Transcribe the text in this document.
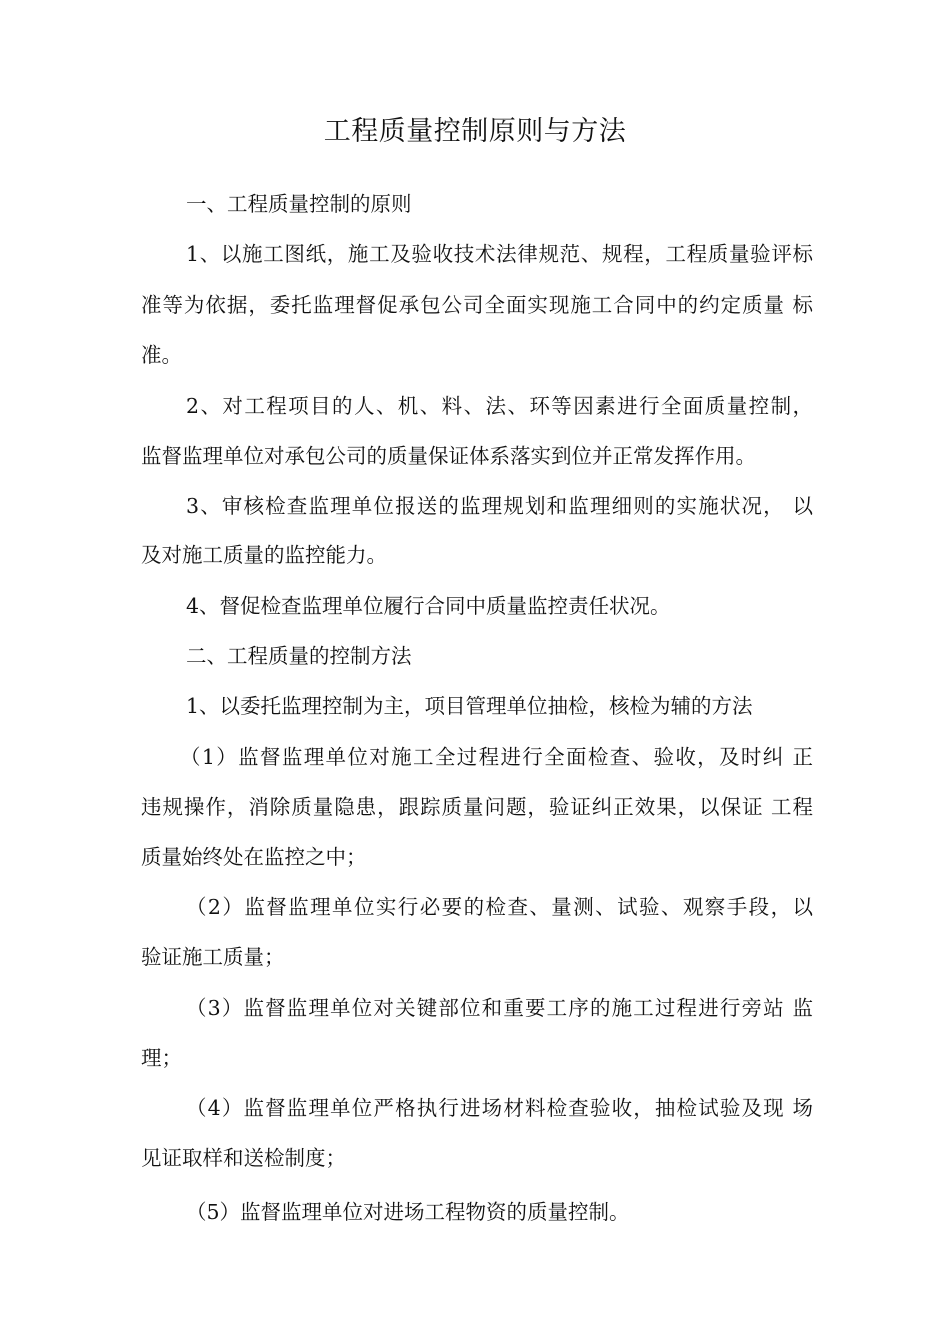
工程质量控制原则与方法
一、工程质量控制的原则
1、以施工图纸，施工及验收技术法律规范、规程，工程质量验评标
准等为依据，委托监理督促承包公司全面实现施工合同中的约定质量 标
准。
2、对工程项目的人、机、料、法、环等因素进行全面质量控制，
监督监理单位对承包公司的质量保证体系落实到位并正常发挥作用。
3、审核检查监理单位报送的监理规划和监理细则的实施状况， 以
及对施工质量的监控能力。
4、督促检查监理单位履行合同中质量监控责任状况。
二、工程质量的控制方法
1、以委托监理控制为主，项目管理单位抽检，核检为辅的方法
（1）监督监理单位对施工全过程进行全面检查、验收，及时纠 正
违规操作，消除质量隐患，跟踪质量问题，验证纠正效果，以保证 工程
质量始终处在监控之中；
（2）监督监理单位实行必要的检查、量测、试验、观察手段，以
验证施工质量；
（3）监督监理单位对关键部位和重要工序的施工过程进行旁站 监
理；
（4）监督监理单位严格执行进场材料检查验收，抽检试验及现 场
见证取样和送检制度；
（5）监督监理单位对进场工程物资的质量控制。
